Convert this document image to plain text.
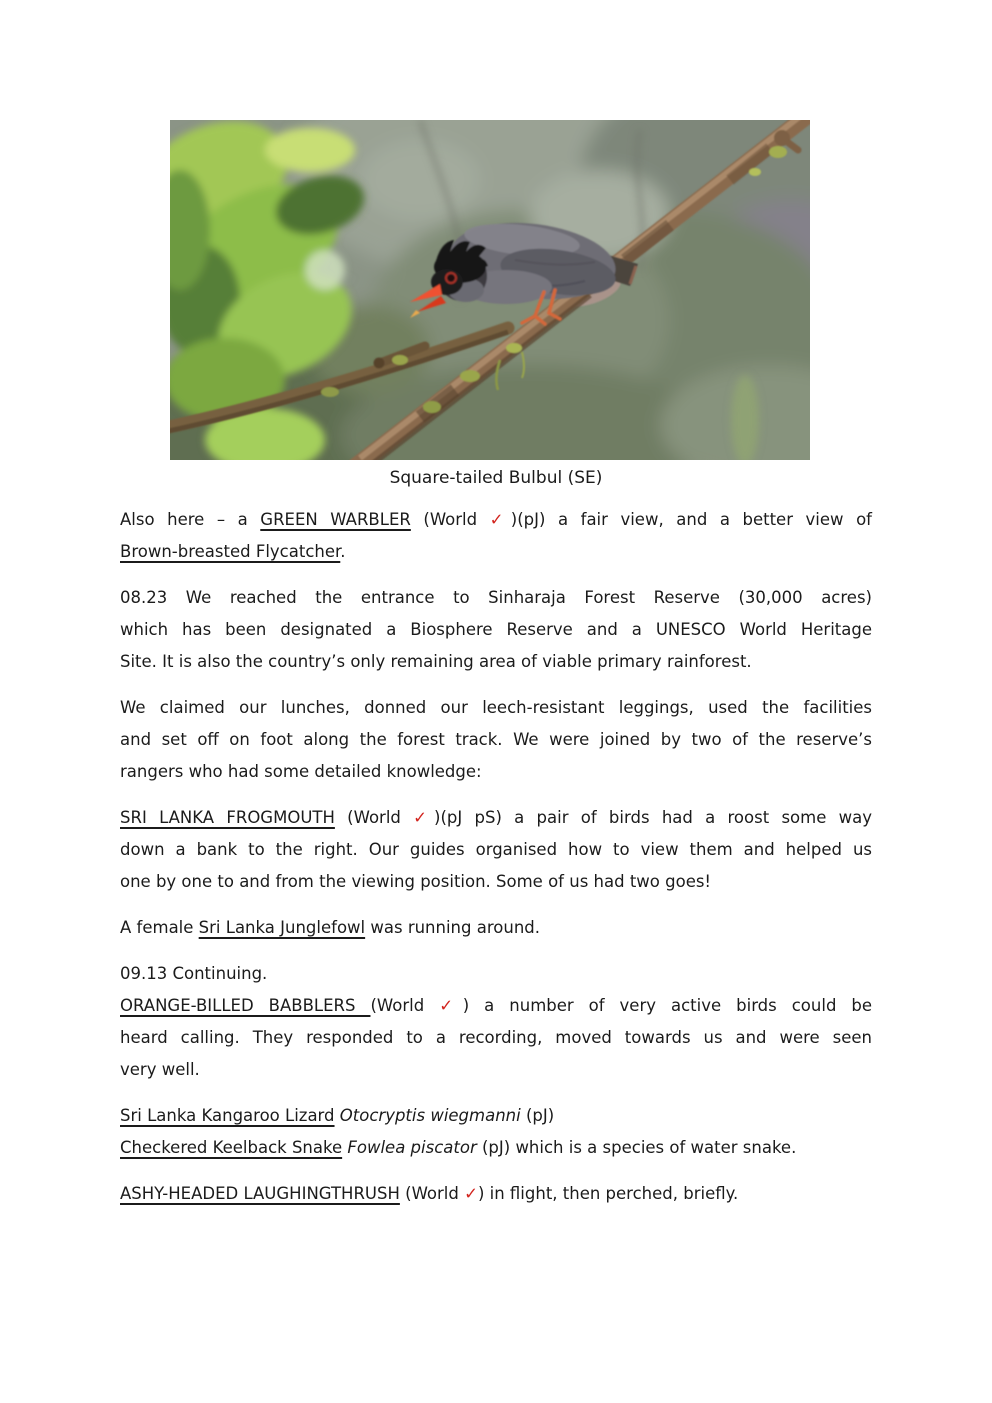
Square-tailed Bulbul (SE)
Also here – a GREEN WARBLER (World ✓)(pJ) a fair view, and a better view of
Brown-breasted Flycatcher.
08.23 We reached the entrance to Sinharaja Forest Reserve (30,000 acres)
which has been designated a Biosphere Reserve and a UNESCO World Heritage
Site. It is also the country’s only remaining area of viable primary rainforest.
We claimed our lunches, donned our leech-resistant leggings, used the facilities
and set off on foot along the forest track. We were joined by two of the reserve’s
rangers who had some detailed knowledge:
SRI LANKA FROGMOUTH (World ✓)(pJ pS) a pair of birds had a roost some way
down a bank to the right. Our guides organised how to view them and helped us
one by one to and from the viewing position. Some of us had two goes!
A female Sri Lanka Junglefowl was running around.
09.13 Continuing.
ORANGE-BILLED BABBLERS (World ✓) a number of very active birds could be
heard calling. They responded to a recording, moved towards us and were seen
very well.
Sri Lanka Kangaroo Lizard Otocryptis wiegmanni (pJ)
Checkered Keelback Snake Fowlea piscator (pJ) which is a species of water snake.
ASHY-HEADED LAUGHINGTHRUSH (World ✓) in flight, then perched, briefly.
